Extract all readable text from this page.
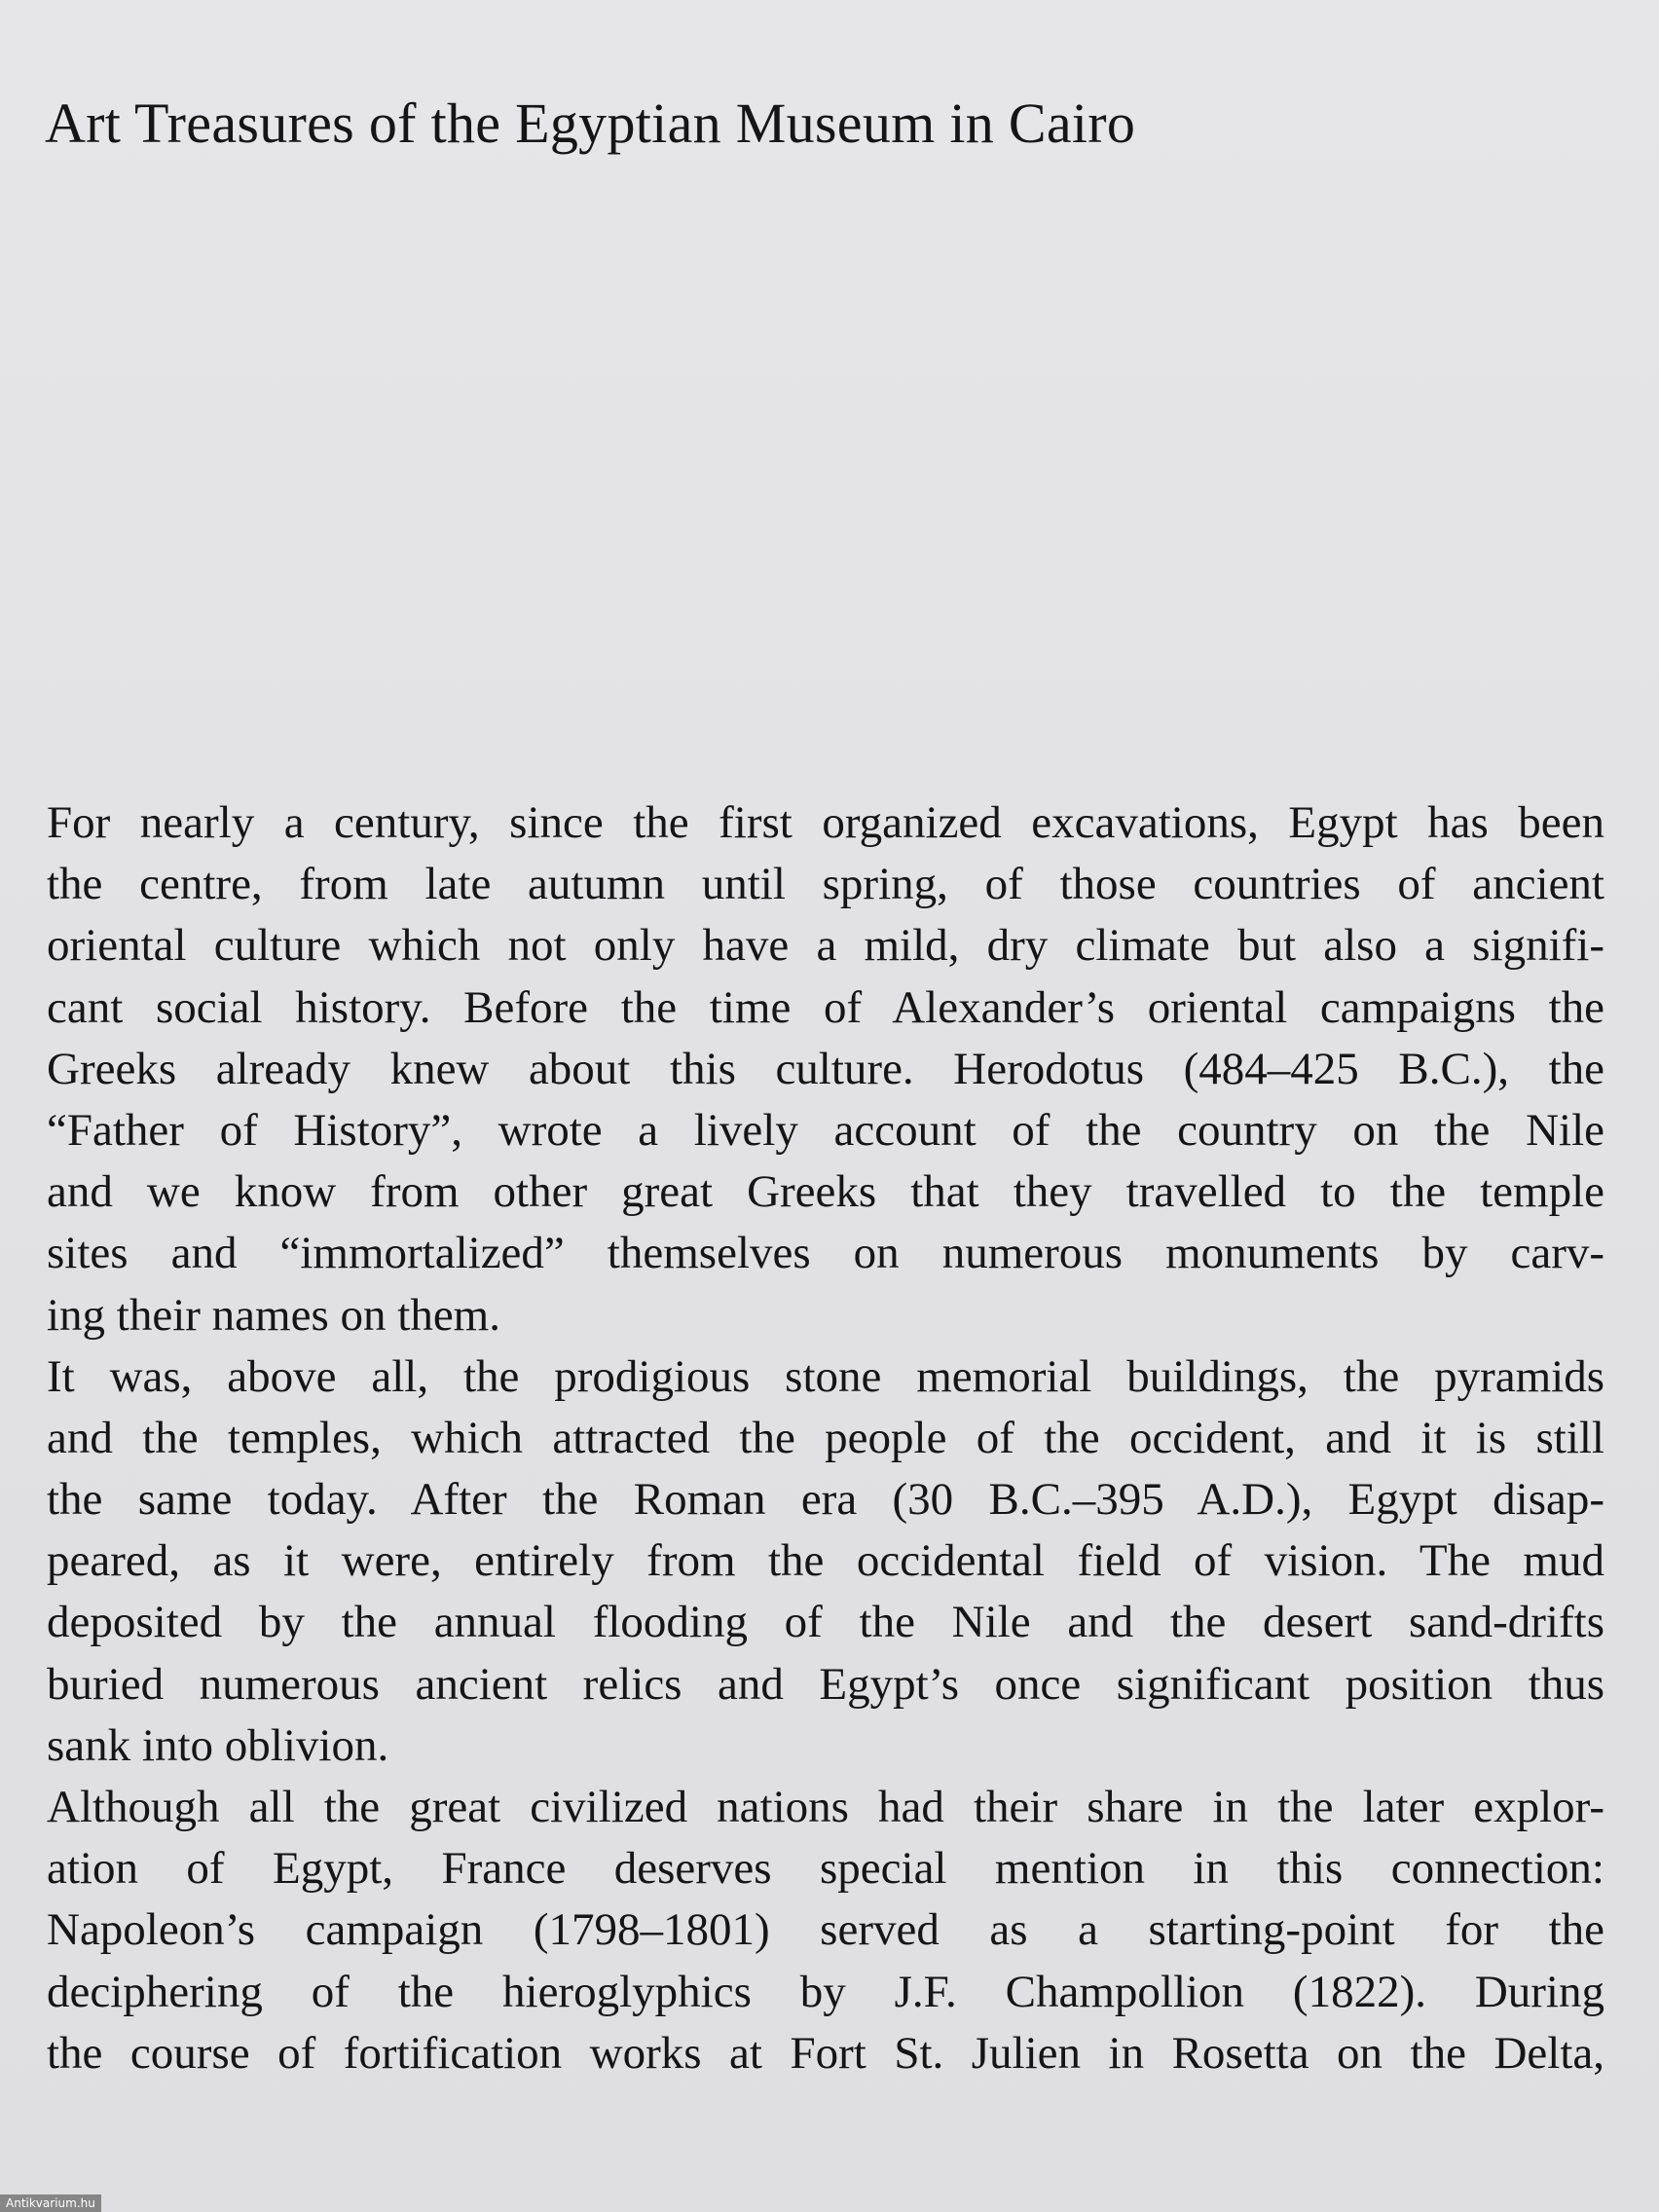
Art Treasures of the Egyptian Museum in Cairo
For nearly a century, since the first organized excavations, Egypt has been
the centre, from late autumn until spring, of those countries of ancient
oriental culture which not only have a mild, dry climate but also a signifi-
cant social history. Before the time of Alexander’s oriental campaigns the
Greeks already knew about this culture. Herodotus (484–425 B.C.), the
“Father of History”, wrote a lively account of the country on the Nile
and we know from other great Greeks that they travelled to the temple
sites and “immortalized” themselves on numerous monuments by carv-
ing their names on them.
It was, above all, the prodigious stone memorial buildings, the pyramids
and the temples, which attracted the people of the occident, and it is still
the same today. After the Roman era (30 B.C.–395 A.D.), Egypt disap-
peared, as it were, entirely from the occidental field of vision. The mud
deposited by the annual flooding of the Nile and the desert sand-drifts
buried numerous ancient relics and Egypt’s once significant position thus
sank into oblivion.
Although all the great civilized nations had their share in the later explor-
ation of Egypt, France deserves special mention in this connection:
Napoleon’s campaign (1798–1801) served as a starting-point for the
deciphering of the hieroglyphics by J.F. Champollion (1822). During
the course of fortification works at Fort St. Julien in Rosetta on the Delta,
Antikvarium.hu
